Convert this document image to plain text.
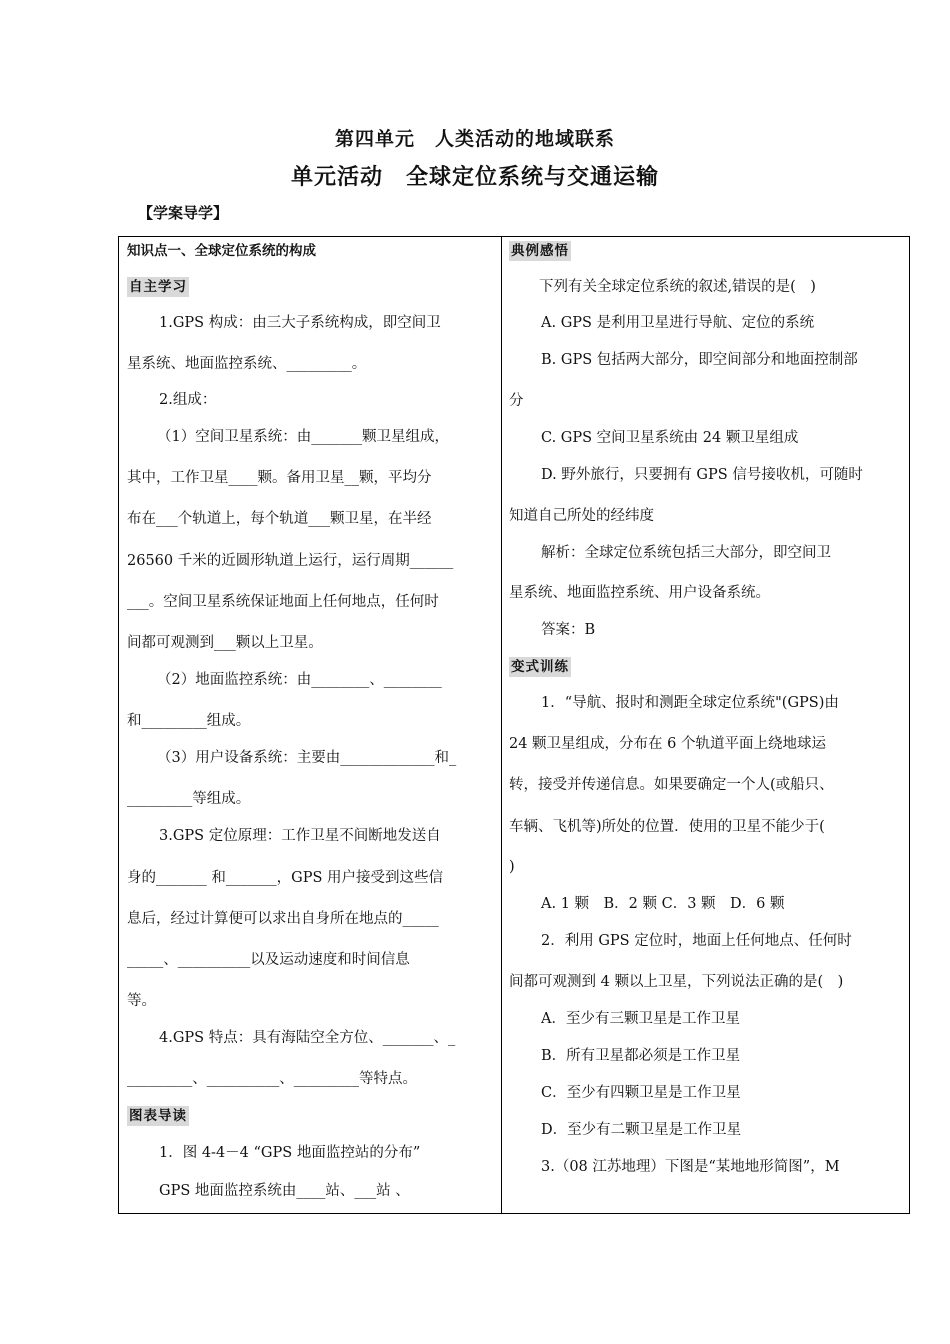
第四单元　人类活动的地域联系
单元活动　全球定位系统与交通运输
【学案导学】
知识点一、全球定位系统的构成
自主学习
1.GPS 构成：由三大子系统构成，即空间卫
星系统、地面监控系统、_________。
2.组成：
（1）空间卫星系统：由_______颗卫星组成，
其中，工作卫星____颗。备用卫星__颗，平均分
布在___个轨道上，每个轨道___颗卫星，在半经
26560 千米的近圆形轨道上运行，运行周期______
___。空间卫星系统保证地面上任何地点，任何时
间都可观测到___颗以上卫星。
（2）地面监控系统：由________、________
和_________组成。
（3）用户设备系统：主要由_____________和_
_________等组成。
3.GPS 定位原理：工作卫星不间断地发送自
身的_______ 和_______，GPS 用户接受到这些信
息后，经过计算便可以求出自身所在地点的_____
_____、__________以及运动速度和时间信息
等。
4.GPS 特点：具有海陆空全方位、_______、_
_________、__________、_________等特点。
图表导读
1．图 4-4－4 “GPS 地面监控站的分布”
GPS 地面监控系统由____站、___站 、
典例感悟
下列有关全球定位系统的叙述,错误的是(　)
A. GPS 是利用卫星进行导航、定位的系统
B. GPS 包括两大部分，即空间部分和地面控制部
分
C. GPS 空间卫星系统由 24 颗卫星组成
D. 野外旅行，只要拥有 GPS 信号接收机，可随时
知道自己所处的经纬度
解析：全球定位系统包括三大部分，即空间卫
星系统、地面监控系统、用户设备系统。
答案：B
变式训练
1．“导航、报时和测距全球定位系统"(GPS)由
24 颗卫星组成，分布在 6 个轨道平面上绕地球运
转，接受并传递信息。如果要确定一个人(或船只、
车辆、飞机等)所处的位置．使用的卫星不能少于(
)
A. 1 颗　B．2 颗 C．3 颗　D．6 颗
2．利用 GPS 定位时，地面上任何地点、任何时
间都可观测到 4 颗以上卫星，下列说法正确的是(　)
A．至少有三颗卫星是工作卫星
B．所有卫星都必须是工作卫星
C．至少有四颗卫星是工作卫星
D．至少有二颗卫星是工作卫星
3.（08 江苏地理）下图是“某地地形简图”，M
